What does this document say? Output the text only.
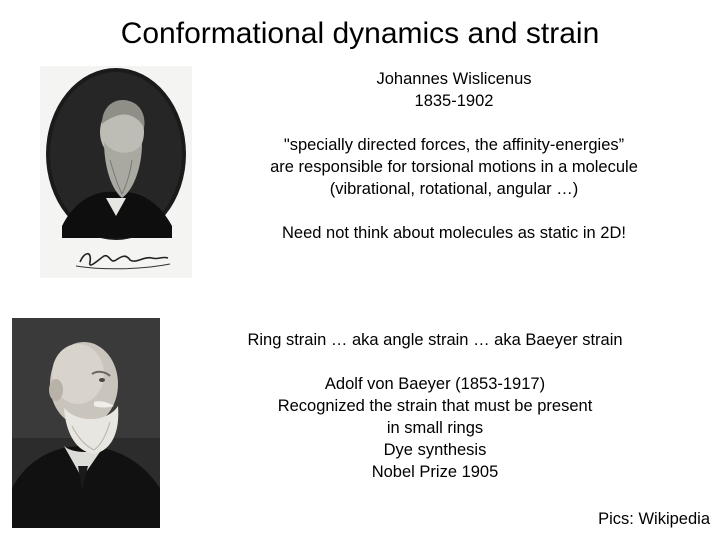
Conformational dynamics and strain
Johannes Wislicenus
1835-1902
"specially directed forces, the affinity-energies”
are responsible for torsional motions in a molecule
(vibrational, rotational, angular …)
Need not think about molecules as static in 2D!
Ring strain … aka angle strain … aka Baeyer strain
Adolf von Baeyer (1853-1917)
Recognized the strain that must be present
in small rings
Dye synthesis
Nobel Prize 1905
Pics: Wikipedia
